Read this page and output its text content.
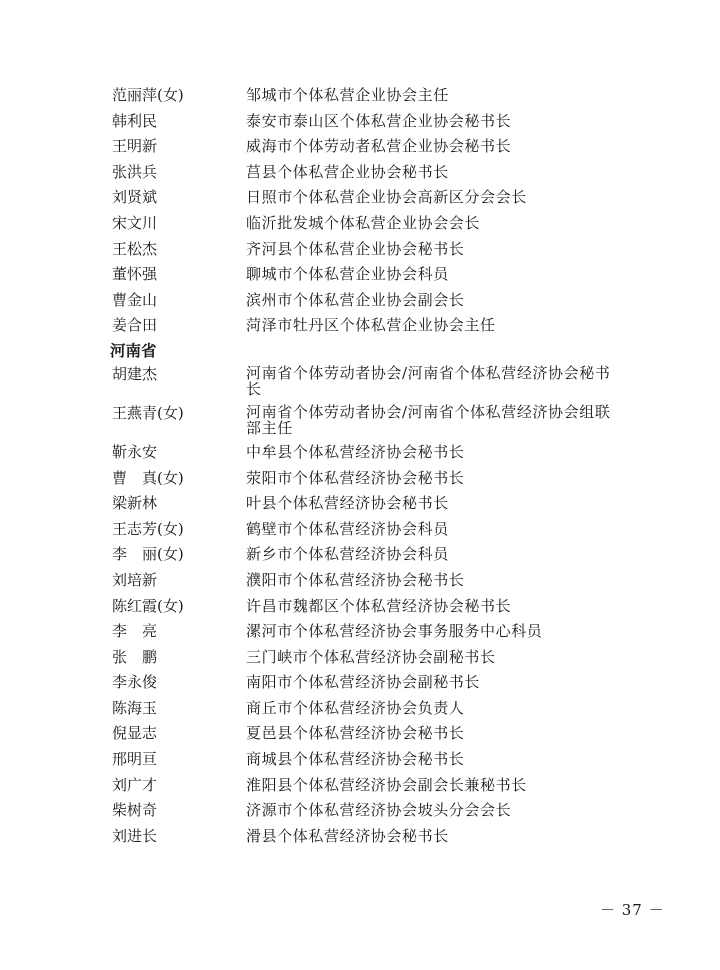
范丽萍(女)	邹城市个体私营企业协会主任
韩利民	泰安市泰山区个体私营企业协会秘书长
王明新	威海市个体劳动者私营企业协会秘书长
张洪兵	莒县个体私营企业协会秘书长
刘贤斌	日照市个体私营企业协会高新区分会会长
宋文川	临沂批发城个体私营企业协会会长
王松杰	齐河县个体私营企业协会秘书长
董怀强	聊城市个体私营企业协会科员
曹金山	滨州市个体私营企业协会副会长
姜合田	菏泽市牡丹区个体私营企业协会主任
河南省
胡建杰	河南省个体劳动者协会/河南省个体私营经济协会秘书长
王燕青(女)	河南省个体劳动者协会/河南省个体私营经济协会组联部主任
靳永安	中牟县个体私营经济协会秘书长
曹　真(女)	荥阳市个体私营经济协会秘书长
梁新林	叶县个体私营经济协会秘书长
王志芳(女)	鹤壁市个体私营经济协会科员
李　丽(女)	新乡市个体私营经济协会科员
刘培新	濮阳市个体私营经济协会秘书长
陈红霞(女)	许昌市魏都区个体私营经济协会秘书长
李　亮	漯河市个体私营经济协会事务服务中心科员
张　鹏	三门峡市个体私营经济协会副秘书长
李永俊	南阳市个体私营经济协会副秘书长
陈海玉	商丘市个体私营经济协会负责人
倪显志	夏邑县个体私营经济协会秘书长
邢明亘	商城县个体私营经济协会秘书长
刘广才	淮阳县个体私营经济协会副会长兼秘书长
柴树奇	济源市个体私营经济协会坡头分会会长
刘进长	滑县个体私营经济协会秘书长
－ 37 －
